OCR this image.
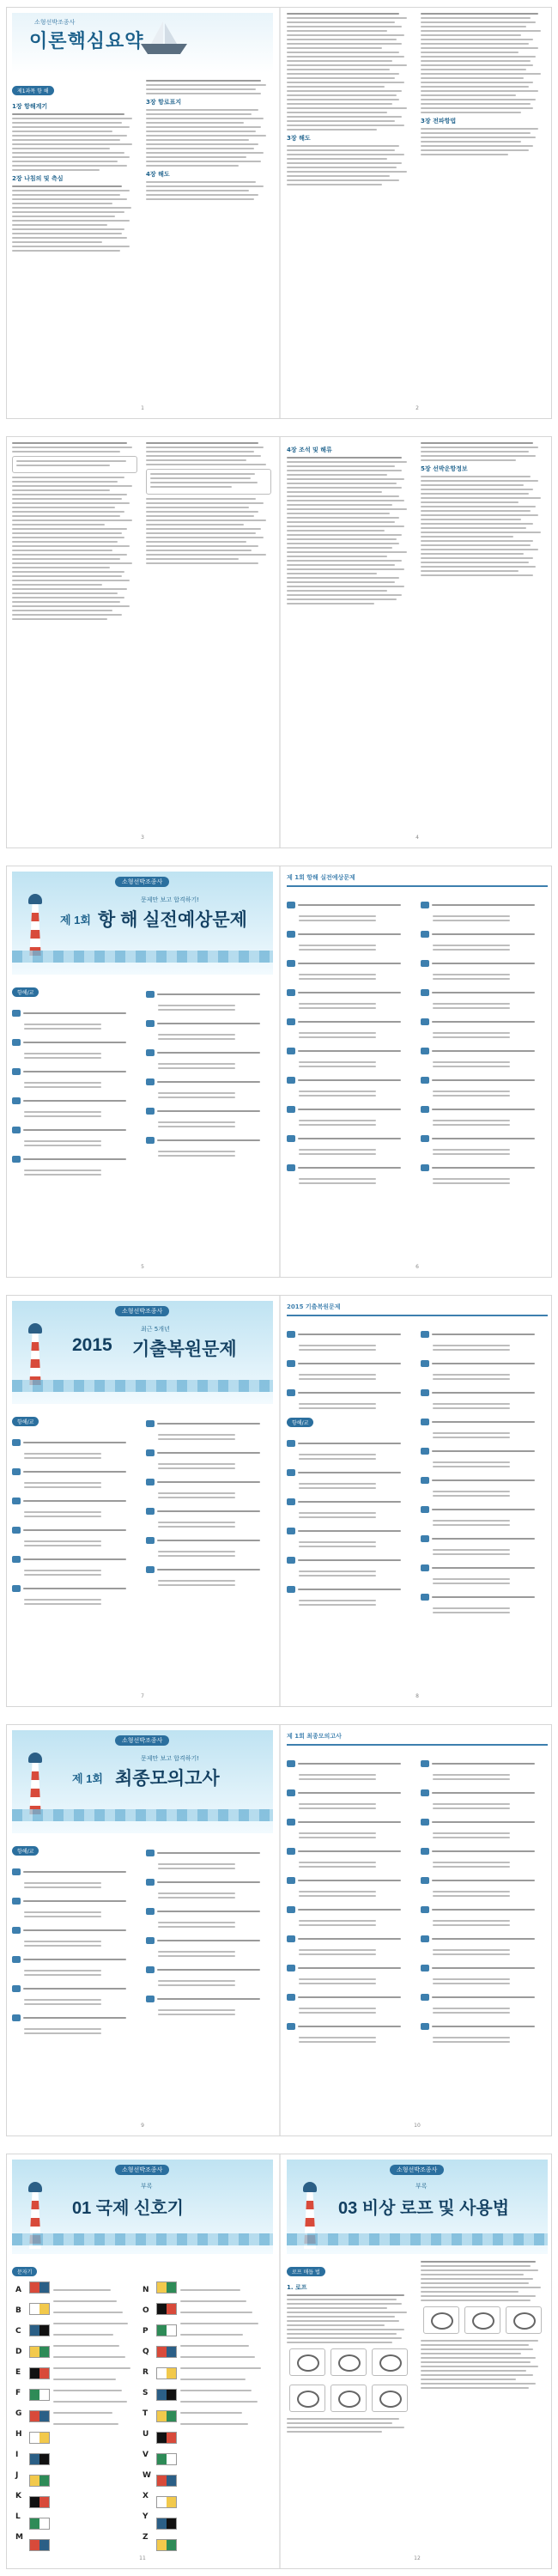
소형선박조종사
이론핵심요약
제1과목 항 해
1장 항해계기
2장 나침의 및 측심
3장 항로표지
4장 해도
1
3장 해도
3장 전파항법
2
3
4장 조석 및 해류
5장 선박운항정보
4
소형선박조종사
문제만 보고 합격하기!
제 1회 항 해 실전예상문제
항해/교
5
제 1회 항해 실전예상문제
6
소형선박조종사
최근 5개년
2015 기출복원문제
항해/교
7
2015 기출복원문제
항해/교
8
소형선박조종사
문제만 보고 합격하기!
제 1회 최종모의고사
항해/교
9
제 1회 최종모의고사
10
소형선박조종사
부록
01 국제 신호기
문자기
A
B
C
D
E
F
G
H
I
J
K
L
M
N
O
P
Q
R
S
T
U
V
W
X
Y
Z
11
소형선박조종사
부록
03 비상 로프 및 사용법
로프 매듭 법
1. 로프

12
